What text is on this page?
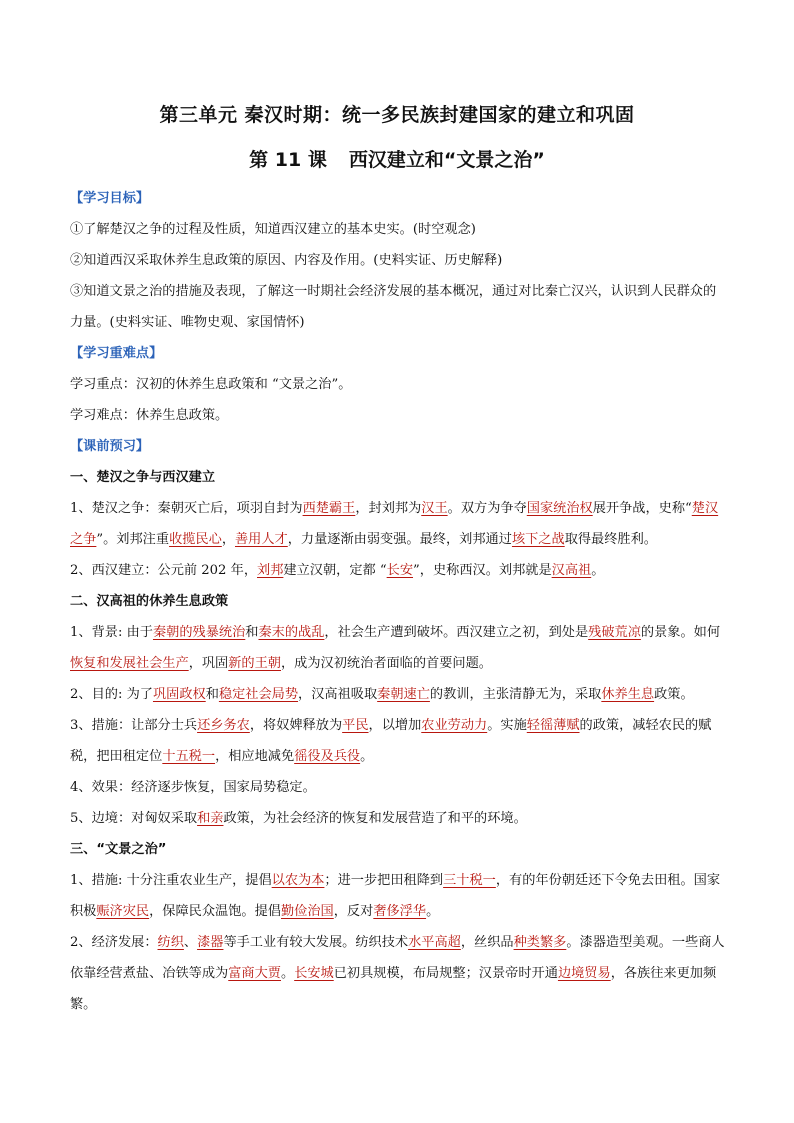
第三单元 秦汉时期：统一多民族封建国家的建立和巩固
第 11 课 西汉建立和“文景之治”

【学习目标】

①了解楚汉之争的过程及性质，知道西汉建立的基本史实。(时空观念)

②知道西汉采取休养生息政策的原因、内容及作用。(史料实证、历史解释)

③知道文景之治的措施及表现，了解这一时期社会经济发展的基本概况，通过对比秦亡汉兴，认识到人民群众的力量。(史料实证、唯物史观、家国情怀)

【学习重难点】

学习重点：汉初的休养生息政策和 “文景之治”。

学习难点：休养生息政策。

【课前预习】

一、楚汉之争与西汉建立

1、楚汉之争：秦朝灭亡后，项羽自封为西楚霸王，封刘邦为汉王。双方为争夺国家统治权展开争战，史称“楚汉之争”。刘邦注重收揽民心，善用人才，力量逐渐由弱变强。最终，刘邦通过垓下之战取得最终胜利。

2、西汉建立：公元前 202 年，刘邦建立汉朝，定都 “长安”，史称西汉。刘邦就是汉高祖。

二、汉高祖的休养生息政策

1、背景: 由于秦朝的残暴统治和秦末的战乱，社会生产遭到破坏。西汉建立之初，到处是残破荒凉的景象。如何恢复和发展社会生产，巩固新的王朝，成为汉初统治者面临的首要问题。

2、目的: 为了巩固政权和稳定社会局势，汉高祖吸取秦朝速亡的教训，主张清静无为，采取休养生息政策。

3、措施：让部分士兵还乡务农，将奴婢释放为平民，以增加农业劳动力。实施轻徭薄赋的政策，减轻农民的赋税，把田租定位十五税一，相应地减免徭役及兵役。

4、效果：经济逐步恢复，国家局势稳定。

5、边境：对匈奴采取和亲政策，为社会经济的恢复和发展营造了和平的环境。

三、“文景之治”

1、措施: 十分注重农业生产，提倡以农为本；进一步把田租降到三十税一，有的年份朝廷还下令免去田租。国家积极赈济灾民，保障民众温饱。提倡勤俭治国，反对奢侈浮华。

2、经济发展：纺织、漆器等手工业有较大发展。纺织技术水平高超，丝织品种类繁多。漆器造型美观。一些商人依靠经营煮盐、冶铁等成为富商大贾。长安城已初具规模，布局规整；汉景帝时开通边境贸易，各族往来更加频繁。
